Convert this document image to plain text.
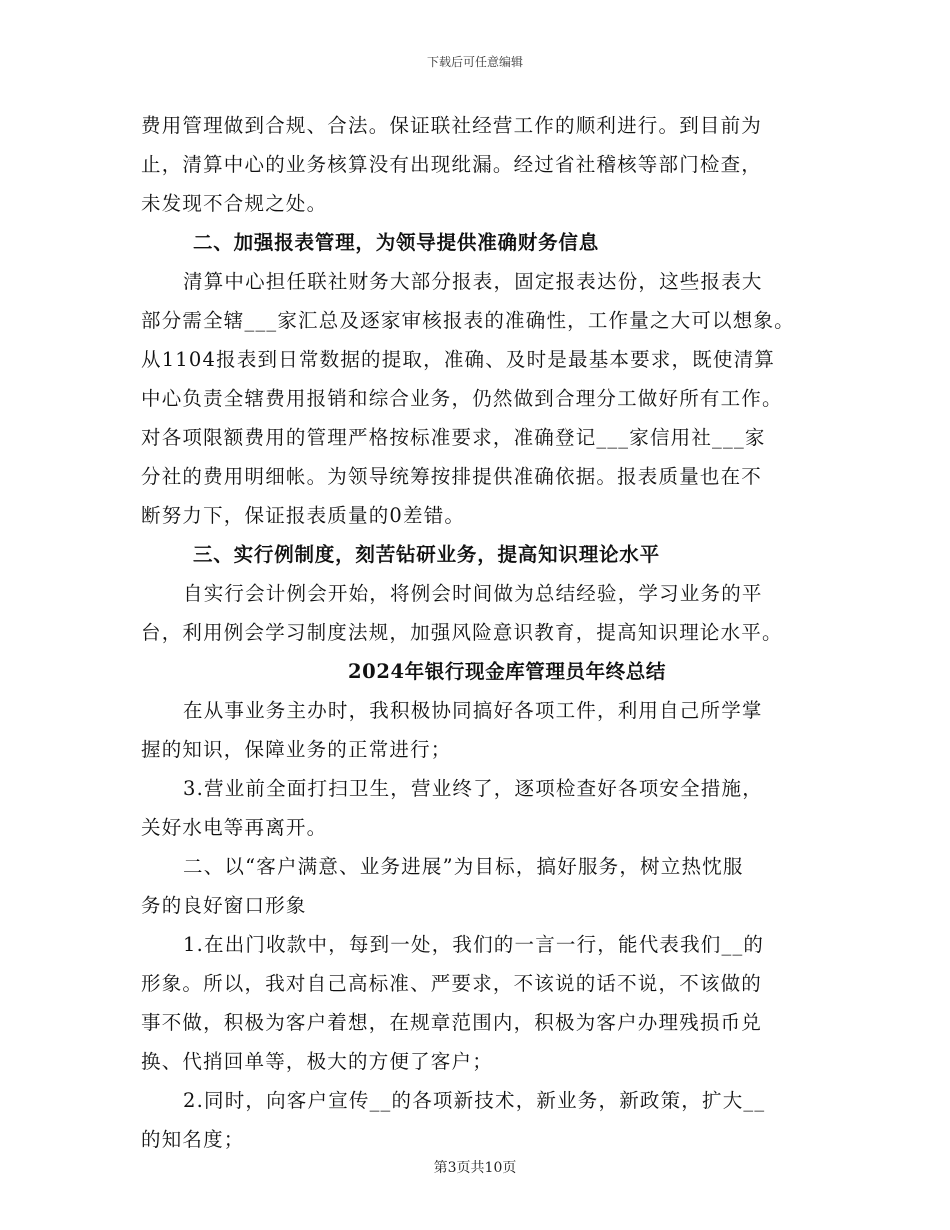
下载后可任意编辑
费用管理做到合规、合法。保证联社经营工作的顺利进行。到目前为
止，清算中心的业务核算没有出现纰漏。经过省社稽核等部门检查，
未发现不合规之处。
二、加强报表管理，为领导提供准确财务信息
清算中心担任联社财务大部分报表，固定报表达份，这些报表大
部分需全辖___家汇总及逐家审核报表的准确性，工作量之大可以想象。
从1104报表到日常数据的提取，准确、及时是最基本要求，既使清算
中心负责全辖费用报销和综合业务，仍然做到合理分工做好所有工作。
对各项限额费用的管理严格按标准要求，准确登记___家信用社___家
分社的费用明细帐。为领导统筹按排提供准确依据。报表质量也在不
断努力下，保证报表质量的0差错。
三、实行例制度，刻苦钻研业务，提高知识理论水平
自实行会计例会开始，将例会时间做为总结经验，学习业务的平
台，利用例会学习制度法规，加强风险意识教育，提高知识理论水平。
2024年银行现金库管理员年终总结
在从事业务主办时，我积极协同搞好各项工件，利用自己所学掌
握的知识，保障业务的正常进行；
3.营业前全面打扫卫生，营业终了，逐项检查好各项安全措施，
关好水电等再离开。
二、以“客户满意、业务进展”为目标，搞好服务，树立热忱服
务的良好窗口形象
1.在出门收款中，每到一处，我们的一言一行，能代表我们__的
形象。所以，我对自己高标准、严要求，不该说的话不说，不该做的
事不做，积极为客户着想，在规章范围内，积极为客户办理残损币兑
换、代捎回单等，极大的方便了客户；
2.同时，向客户宣传__的各项新技术，新业务，新政策，扩大__
的知名度；
第3页共10页
